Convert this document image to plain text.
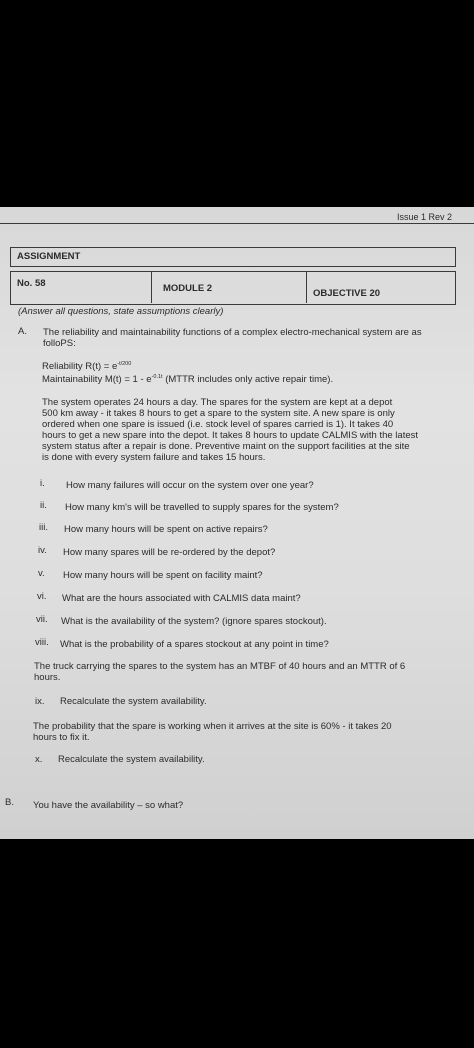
Issue 1 Rev 2
ASSIGNMENT
No. 58	MODULE 2	OBJECTIVE 20
(Answer all questions, state assumptions clearly)
A. The reliability and maintainability functions of a complex electro-mechanical system are as
folloPS:
Reliability $R(t) = e^{-t/200}$
Maintainability $M(t) = 1 - e^{-0.1t}$ (MTTR includes only active repair time).
The system operates 24 hours a day. The spares for the system are kept at a depot
500 km away - it takes 8 hours to get a spare to the system site. A new spare is only
ordered when one spare is issued (i.e. stock level of spares carried is 1). It takes 40
hours to get a new spare into the depot. It takes 8 hours to update CALMIS with the latest
system status after a repair is done. Preventive maint on the support facilities at the site
is done with every system failure and takes 15 hours.
i. How many failures will occur on the system over one year?
ii. How many km's will be travelled to supply spares for the system?
iii. How many hours will be spent on active repairs?
iv. How many spares will be re-ordered by the depot?
v. How many hours will be spent on facility maint?
vi. What are the hours associated with CALMIS data maint?
vii. What is the availability of the system? (ignore spares stockout).
viii. What is the probability of a spares stockout at any point in time?
The truck carrying the spares to the system has an MTBF of 40 hours and an MTTR of 6
hours.
ix. Recalculate the system availability.
The probability that the spare is working when it arrives at the site is 60% - it takes 20
hours to fix it.
x. Recalculate the system availability.
B. You have the availability – so what?
